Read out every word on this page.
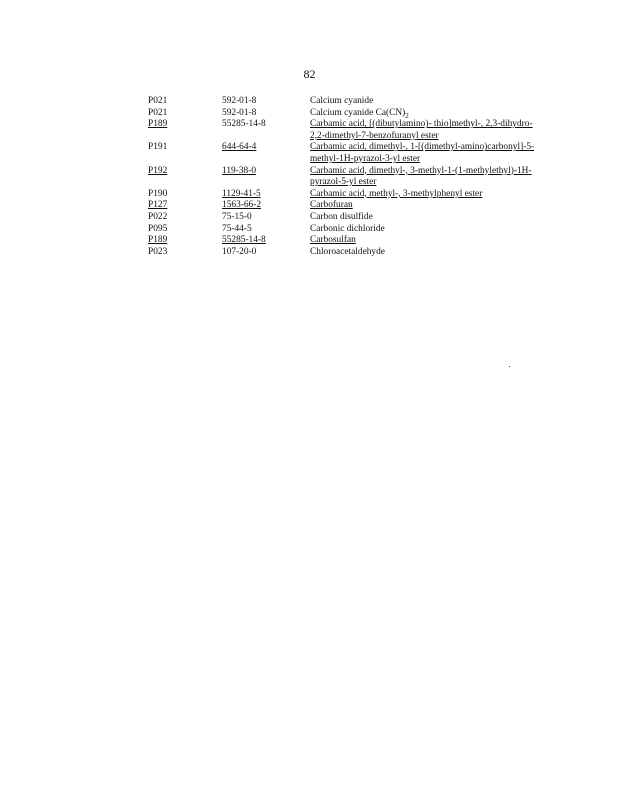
82
P021	592-01-8	Calcium cyanide
P021	592-01-8	Calcium cyanide $Ca(CN)_2$
P189	55285-14-8	Carbamic acid, [(dibutylamino)- thio]methyl-, 2,3-dihydro-2,2-dimethyl-7-benzofuranyl ester
P191	644-64-4	Carbamic acid, dimethyl-, 1-[(dimethyl-amino)carbonyl]-5-methyl-1H-pyrazol-3-yl ester
P192	119-38-0	Carbamic acid, dimethyl-, 3-methyl-1-(1-methylethyl)-1H-pyrazol-5-yl ester
P190	1129-41-5	Carbamic acid, methyl-, 3-methylphenyl ester
P127	1563-66-2	Carbofuran
P022	75-15-0	Carbon disulfide
P095	75-44-5	Carbonic dichloride
P189	55285-14-8	Carbosulfan
P023	107-20-0	Chloroacetaldehyde
